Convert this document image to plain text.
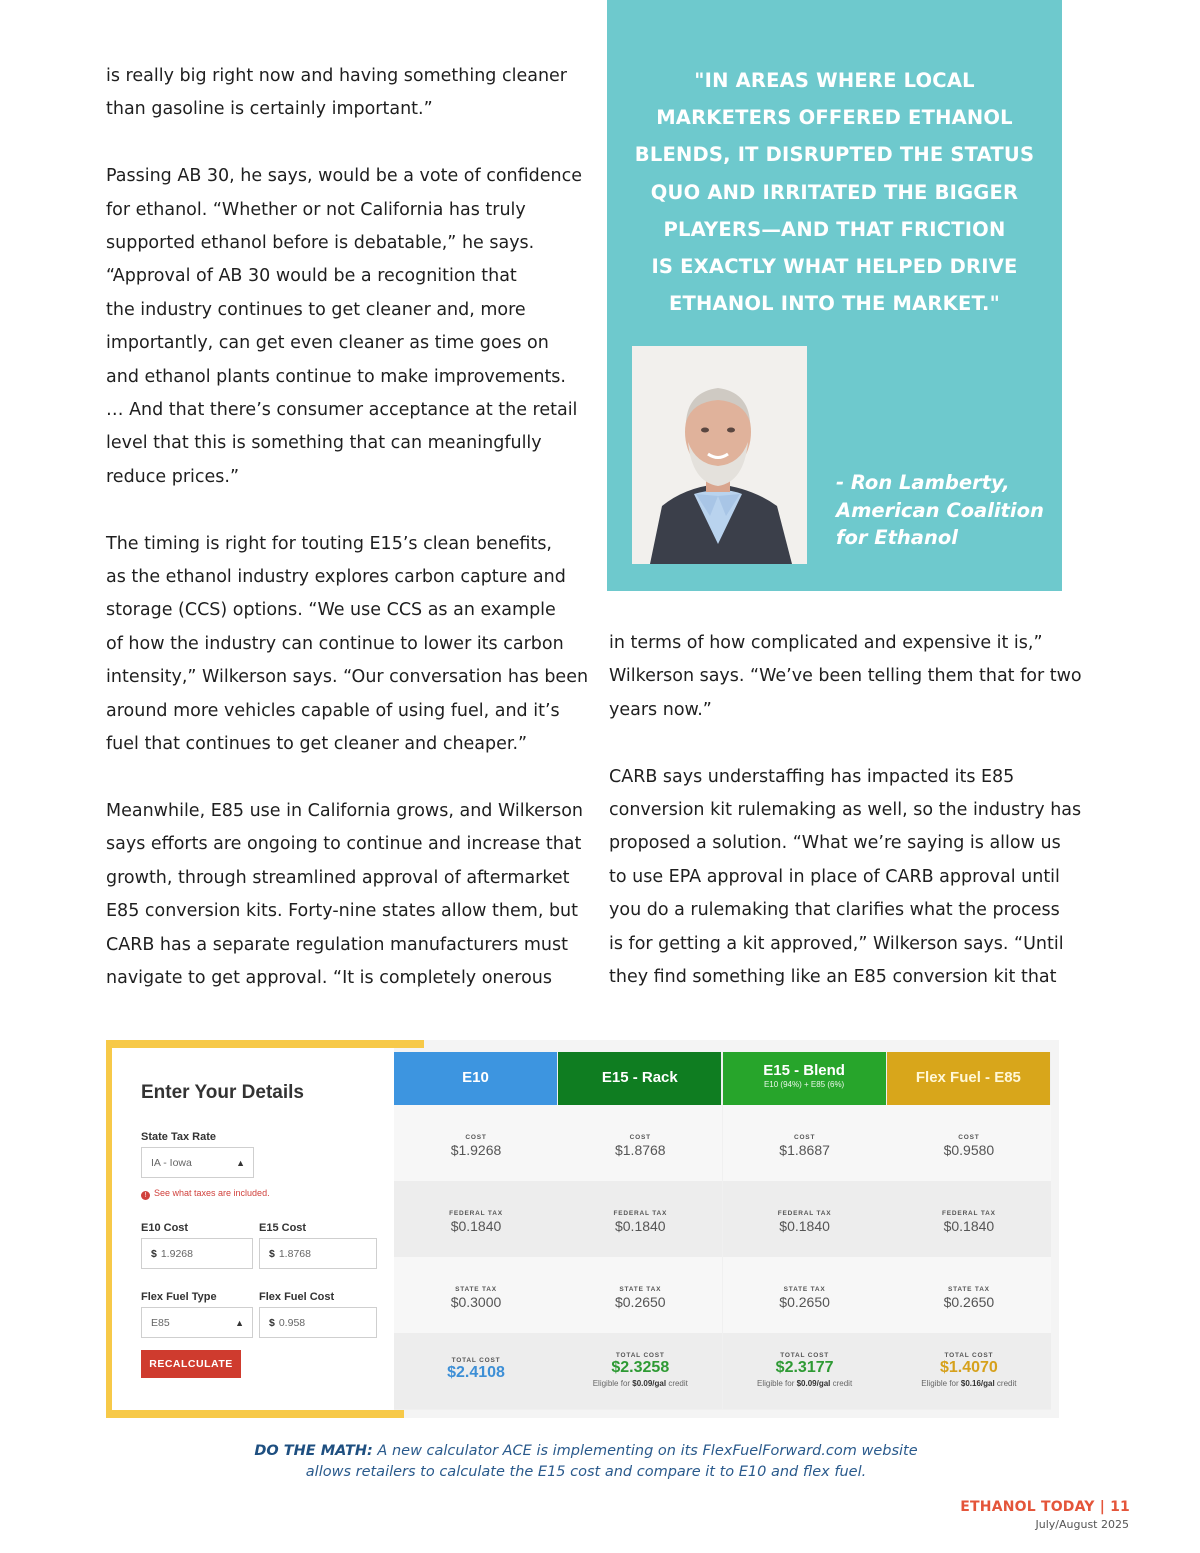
is really big right now and having something cleaner
than gasoline is certainly important.”

Passing AB 30, he says, would be a vote of confidence
for ethanol. “Whether or not California has truly
supported ethanol before is debatable,” he says.
“Approval of AB 30 would be a recognition that
the industry continues to get cleaner and, more
importantly, can get even cleaner as time goes on
and ethanol plants continue to make improvements.
… And that there’s consumer acceptance at the retail
level that this is something that can meaningfully
reduce prices.”

The timing is right for touting E15’s clean benefits,
as the ethanol industry explores carbon capture and
storage (CCS) options. “We use CCS as an example
of how the industry can continue to lower its carbon
intensity,” Wilkerson says. “Our conversation has been
around more vehicles capable of using fuel, and it’s
fuel that continues to get cleaner and cheaper.”

Meanwhile, E85 use in California grows, and Wilkerson
says efforts are ongoing to continue and increase that
growth, through streamlined approval of aftermarket
E85 conversion kits. Forty-nine states allow them, but
CARB has a separate regulation manufacturers must
navigate to get approval. “It is completely onerous

"IN AREAS WHERE LOCAL
MARKETERS OFFERED ETHANOL
BLENDS, IT DISRUPTED THE STATUS
QUO AND IRRITATED THE BIGGER
PLAYERS—AND THAT FRICTION
IS EXACTLY WHAT HELPED DRIVE
ETHANOL INTO THE MARKET."
- Ron Lamberty,
American Coalition
for Ethanol

in terms of how complicated and expensive it is,”
Wilkerson says. “We’ve been telling them that for two
years now.”

CARB says understaffing has impacted its E85
conversion kit rulemaking as well, so the industry has
proposed a solution. “What we’re saying is allow us
to use EPA approval in place of CARB approval until
you do a rulemaking that clarifies what the process
is for getting a kit approved,” Wilkerson says. “Until
they find something like an E85 conversion kit that

Enter Your Details
State Tax Rate
IA - Iowa	▲

! See what taxes are included.
E10 Cost
$ 1.9268
E15 Cost
$ 1.8768
Flex Fuel Type
E85	▲
Flex Fuel Cost
$ 0.958
RECALCULATE
E10
COST
$1.9268
FEDERAL TAX
$0.1840
STATE TAX
$0.3000
TOTAL COST
$2.4108
E15 - Rack
COST
$1.8768
FEDERAL TAX
$0.1840
STATE TAX
$0.2650
TOTAL COST
$2.3258
Eligible for $0.09/gal credit
E15 - Blend
E10 (94%) + E85 (6%)
COST
$1.8687
FEDERAL TAX
$0.1840
STATE TAX
$0.2650
TOTAL COST
$2.3177
Eligible for $0.09/gal credit
Flex Fuel - E85
COST
$0.9580
FEDERAL TAX
$0.1840
STATE TAX
$0.2650
TOTAL COST
$1.4070
Eligible for $0.16/gal credit
DO THE MATH: A new calculator ACE is implementing on its FlexFuelForward.com website
allows retailers to calculate the E15 cost and compare it to E10 and flex fuel.
ETHANOL TODAY | 11
July/August 2025
